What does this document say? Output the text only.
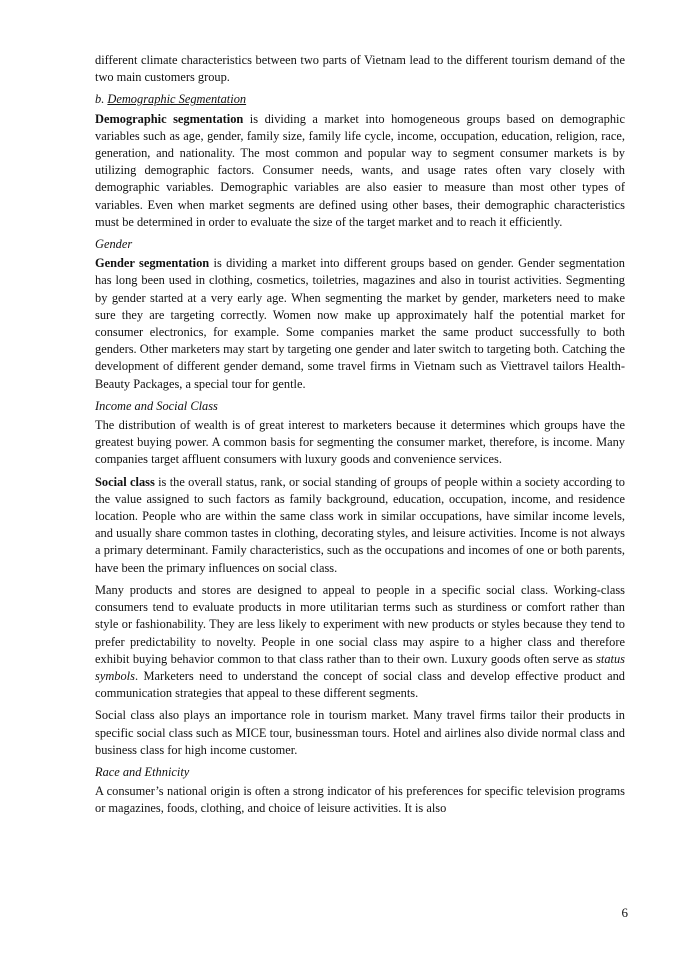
different climate characteristics between two parts of Vietnam lead to the different tourism demand of the two main customers group.

b. Demographic Segmentation

Demographic segmentation is dividing a market into homogeneous groups based on demographic variables such as age, gender, family size, family life cycle, income, occupation, education, religion, race, generation, and nationality. The most common and popular way to segment consumer markets is by utilizing demographic factors. Consumer needs, wants, and usage rates often vary closely with demographic variables. Demographic variables are also easier to measure than most other types of variables. Even when market segments are defined using other bases, their demographic characteristics must be determined in order to evaluate the size of the target market and to reach it efficiently.

Gender

Gender segmentation is dividing a market into different groups based on gender. Gender segmentation has long been used in clothing, cosmetics, toiletries, magazines and also in tourist activities. Segmenting by gender started at a very early age. When segmenting the market by gender, marketers need to make sure they are targeting correctly. Women now make up approximately half the potential market for consumer electronics, for example. Some companies market the same product successfully to both genders. Other marketers may start by targeting one gender and later switch to targeting both. Catching the development of different gender demand, some travel firms in Vietnam such as Viettravel tailors Health-Beauty Packages, a special tour for gentle.

Income and Social Class

The distribution of wealth is of great interest to marketers because it determines which groups have the greatest buying power. A common basis for segmenting the consumer market, therefore, is income. Many companies target affluent consumers with luxury goods and convenience services.

Social class is the overall status, rank, or social standing of groups of people within a society according to the value assigned to such factors as family background, education, occupation, income, and residence location. People who are within the same class work in similar occupations, have similar income levels, and usually share common tastes in clothing, decorating styles, and leisure activities. Income is not always a primary determinant. Family characteristics, such as the occupations and incomes of one or both parents, have been the primary influences on social class.

Many products and stores are designed to appeal to people in a specific social class. Working-class consumers tend to evaluate products in more utilitarian terms such as sturdiness or comfort rather than style or fashionability. They are less likely to experiment with new products or styles because they tend to prefer predictability to novelty. People in one social class may aspire to a higher class and therefore exhibit buying behavior common to that class rather than to their own. Luxury goods often serve as status symbols. Marketers need to understand the concept of social class and develop effective product and communication strategies that appeal to these different segments.

Social class also plays an importance role in tourism market. Many travel firms tailor their products in specific social class such as MICE tour, businessman tours. Hotel and airlines also divide normal class and business class for high income customer.

Race and Ethnicity

A consumer’s national origin is often a strong indicator of his preferences for specific television programs or magazines, foods, clothing, and choice of leisure activities. It is also

6
